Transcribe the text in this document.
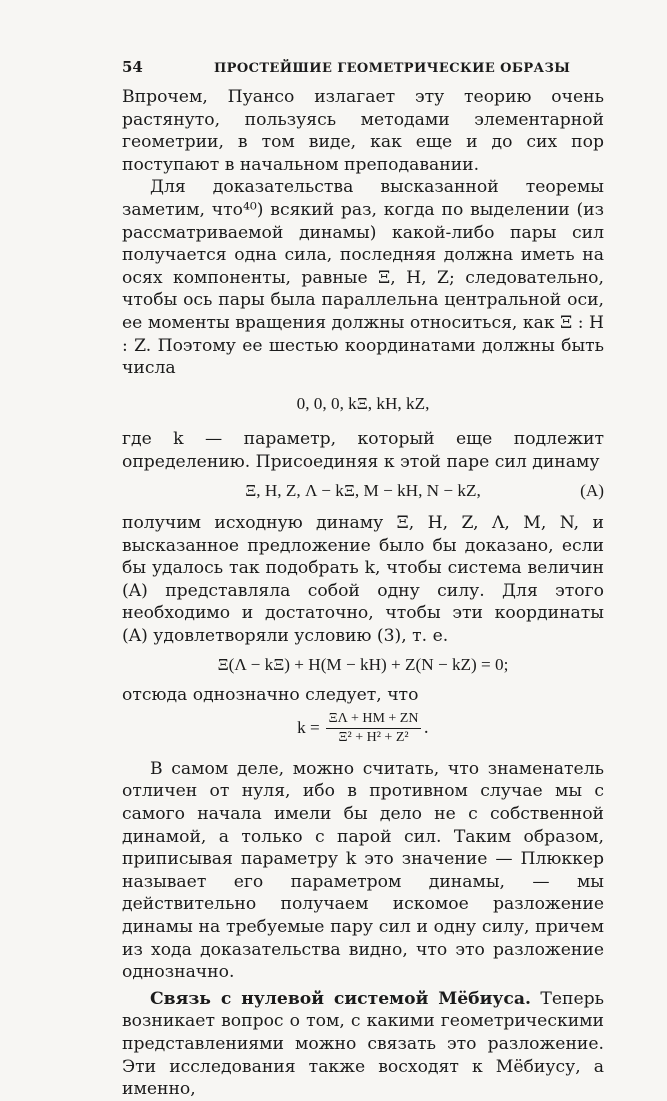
54	ПРОСТЕЙШИЕ ГЕОМЕТРИЧЕСКИЕ ОБРАЗЫ

Впрочем, Пуансо излагает эту теорию очень растянуто, пользуясь методами элементарной геометрии, в том виде, как еще и до сих пор поступают в начальном преподавании.

Для доказательства высказанной теоремы заметим, что⁴⁰) всякий раз, когда по выделении (из рассматриваемой динамы) какой-либо пары сил получается одна сила, последняя должна иметь на осях компоненты, равные Ξ, H, Z; следовательно, чтобы ось пары была параллельна центральной оси, ее моменты вращения должны относиться, как Ξ : H : Z. Поэтому ее шестью координатами должны быть числа

0, 0, 0, kΞ, kH, kZ,

где k — параметр, который еще подлежит определению. Присоединяя к этой паре сил динаму

Ξ, H, Z, Λ − kΞ, M − kH, N − kZ,	(A)

получим исходную динаму Ξ, H, Z, Λ, M, N, и высказанное предложение было бы доказано, если бы удалось так подобрать k, чтобы система величин (A) представляла собой одну силу. Для этого необходимо и достаточно, чтобы эти координаты (A) удовлетворяли условию (3), т. е.

Ξ(Λ − kΞ) + H(M − kH) + Z(N − kZ) = 0;

отсюда однозначно следует, что

$k = \frac{\Xi\Lambda + HM + ZN}{\text{Ξ² + H² + Z²}}$ .

В самом деле, можно считать, что знаменатель отличен от нуля, ибо в противном случае мы с самого начала имели бы дело не с собственной динамой, а только с парой сил. Таким образом, приписывая параметру k это значение — Плюккер называет его параметром динамы, — мы действительно получаем искомое разложение динамы на требуемые пару сил и одну силу, причем из хода доказательства видно, что это разложение однозначно.

Связь с нулевой системой Мёбиуса. Теперь возникает вопрос о том, с какими геометрическими представлениями можно связать это разложение. Эти исследования также восходят к Мёбиусу, а именно,
